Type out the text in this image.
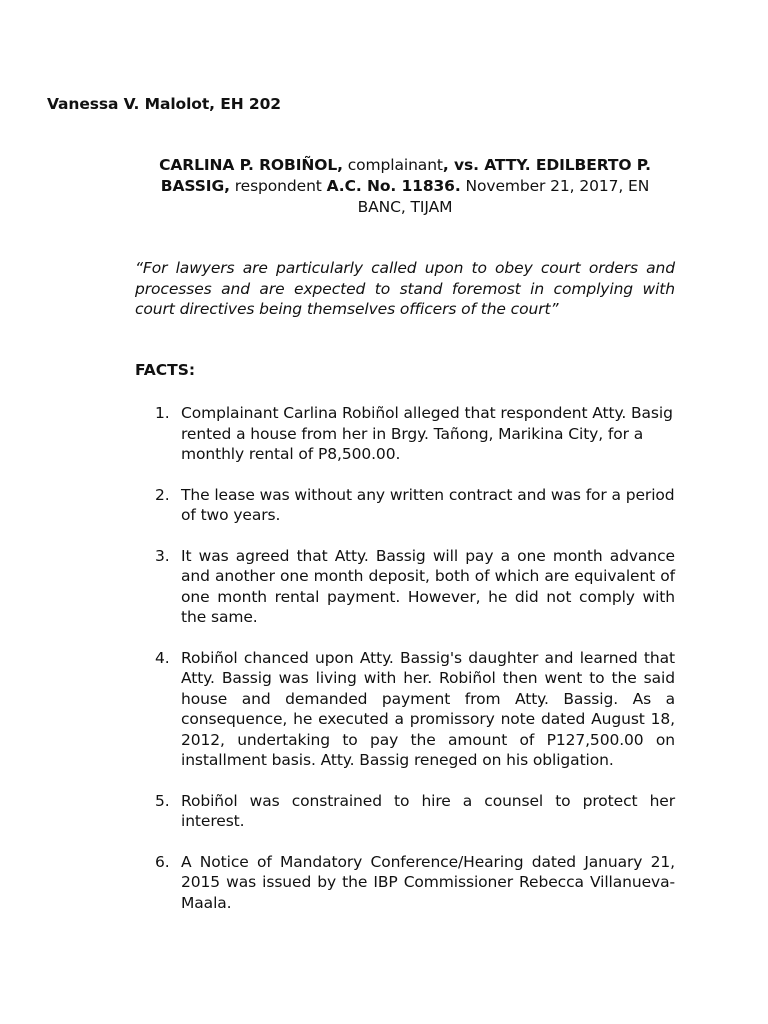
Vanessa V. Malolot, EH 202
CARLINA P. ROBIÑOL, complainant, vs. ATTY. EDILBERTO P. BASSIG, respondent A.C. No. 11836. November 21, 2017, EN BANC, TIJAM
“For lawyers are particularly called upon to obey court orders and processes and are expected to stand foremost in complying with court directives being themselves officers of the court”
FACTS:
1. Complainant Carlina Robiñol alleged that respondent Atty. Basig rented a house from her in Brgy. Tañong, Marikina City, for a monthly rental of P8,500.00.
2. The lease was without any written contract and was for a period of two years.
3. It was agreed that Atty. Bassig will pay a one month advance and another one month deposit, both of which are equivalent of one month rental payment. However, he did not comply with the same.
4. Robiñol chanced upon Atty. Bassig's daughter and learned that Atty. Bassig was living with her. Robiñol then went to the said house and demanded payment from Atty. Bassig. As a consequence, he executed a promissory note dated August 18, 2012, undertaking to pay the amount of P127,500.00 on installment basis. Atty. Bassig reneged on his obligation.
5. Robiñol was constrained to hire a counsel to protect her interest.
6. A Notice of Mandatory Conference/Hearing dated January 21, 2015 was issued by the IBP Commissioner Rebecca Villanueva-Maala.
